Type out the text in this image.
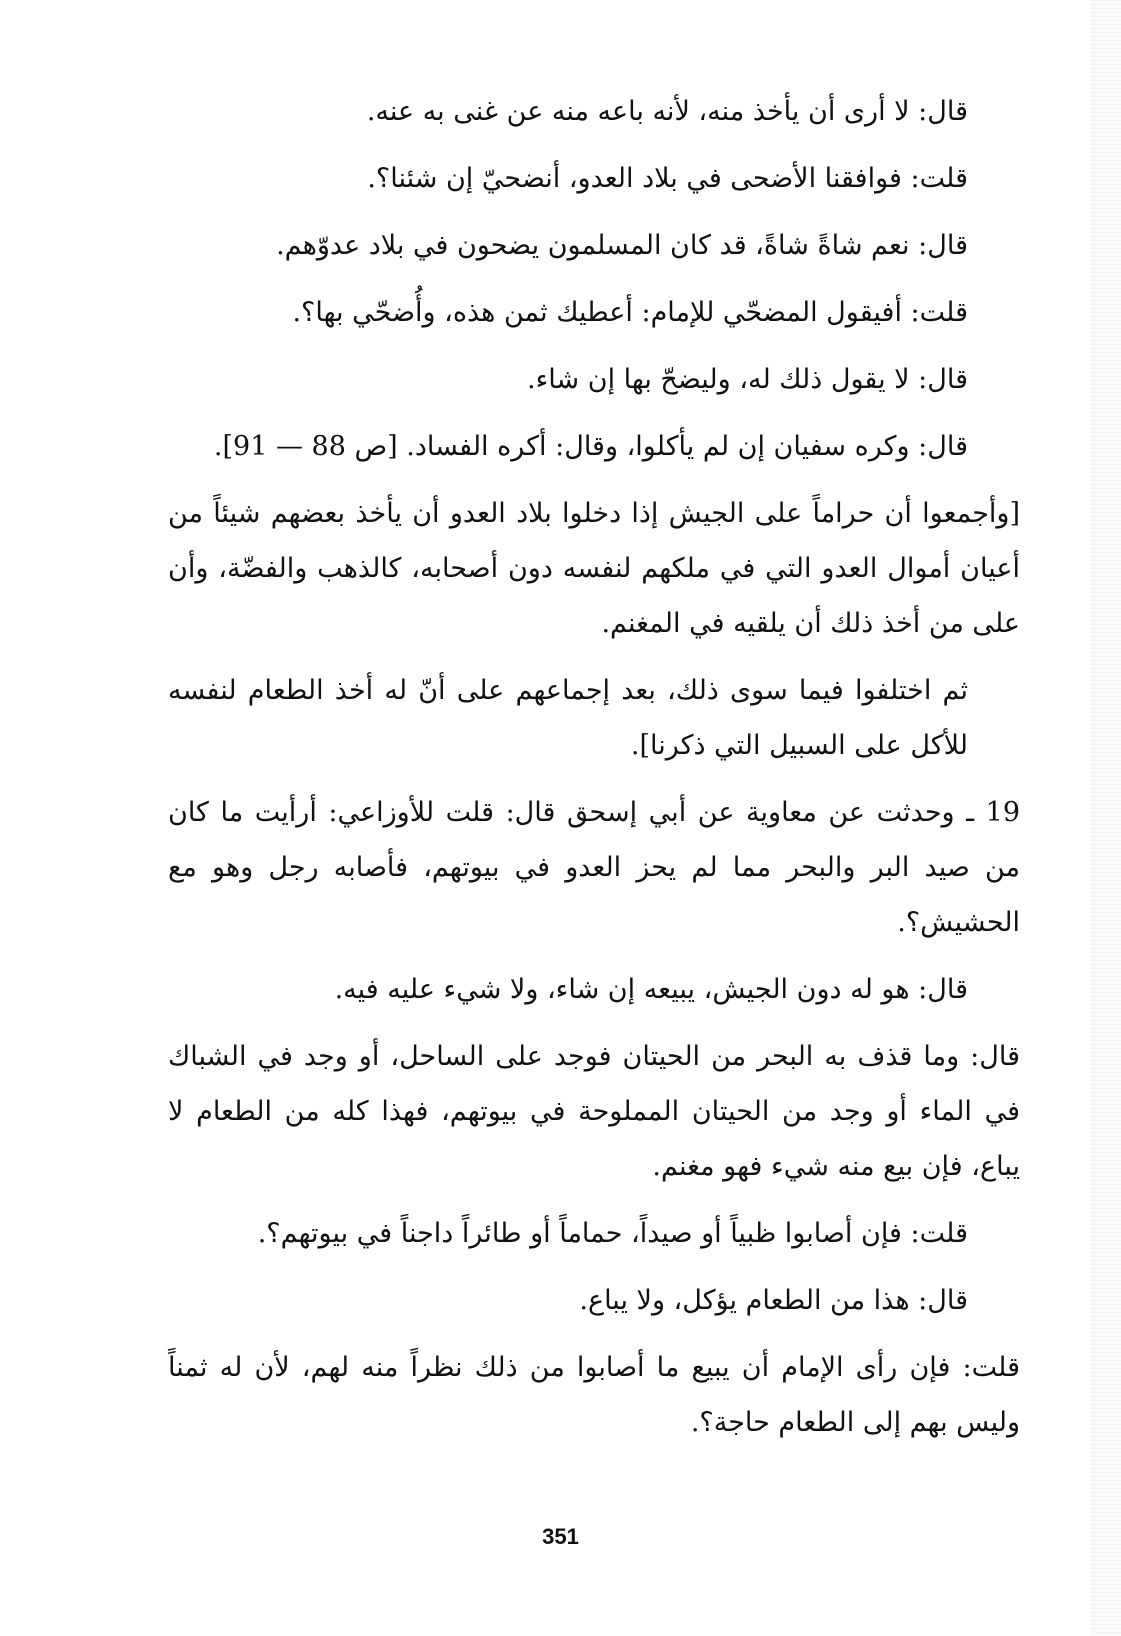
قال: لا أرى أن يأخذ منه، لأنه باعه منه عن غنى به عنه.

قلت: فوافقنا الأضحى في بلاد العدو، أنضحيّ إن شئنا؟.

قال: نعم شاةً شاةً، قد كان المسلمون يضحون في بلاد عدوّهم.

قلت: أفيقول المضحّي للإمام: أعطيك ثمن هذه، وأُضحّي بها؟.

قال: لا يقول ذلك له، وليضحّ بها إن شاء.

قال: وكره سفيان إن لم يأكلوا، وقال: أكره الفساد. [ص 88 — 91].

[وأجمعوا أن حراماً على الجيش إذا دخلوا بلاد العدو أن يأخذ بعضهم شيئاً من أعيان أموال العدو التي في ملكهم لنفسه دون أصحابه، كالذهب والفضّة، وأن على من أخذ ذلك أن يلقيه في المغنم.

ثم اختلفوا فيما سوى ذلك، بعد إجماعهم على أنّ له أخذ الطعام لنفسه للأكل على السبيل التي ذكرنا].

19 ـ وحدثت عن معاوية عن أبي إسحق قال: قلت للأوزاعي: أرأيت ما كان من صيد البر والبحر مما لم يحز العدو في بيوتهم، فأصابه رجل وهو مع الحشيش؟.

قال: هو له دون الجيش، يبيعه إن شاء، ولا شيء عليه فيه.

قال: وما قذف به البحر من الحيتان فوجد على الساحل، أو وجد في الشباك في الماء أو وجد من الحيتان المملوحة في بيوتهم، فهذا كله من الطعام لا يباع، فإن بيع منه شيء فهو مغنم.

قلت: فإن أصابوا ظبياً أو صيداً، حماماً أو طائراً داجناً في بيوتهم؟.

قال: هذا من الطعام يؤكل، ولا يباع.

قلت: فإن رأى الإمام أن يبيع ما أصابوا من ذلك نظراً منه لهم، لأن له ثمناً وليس بهم إلى الطعام حاجة؟.

351
